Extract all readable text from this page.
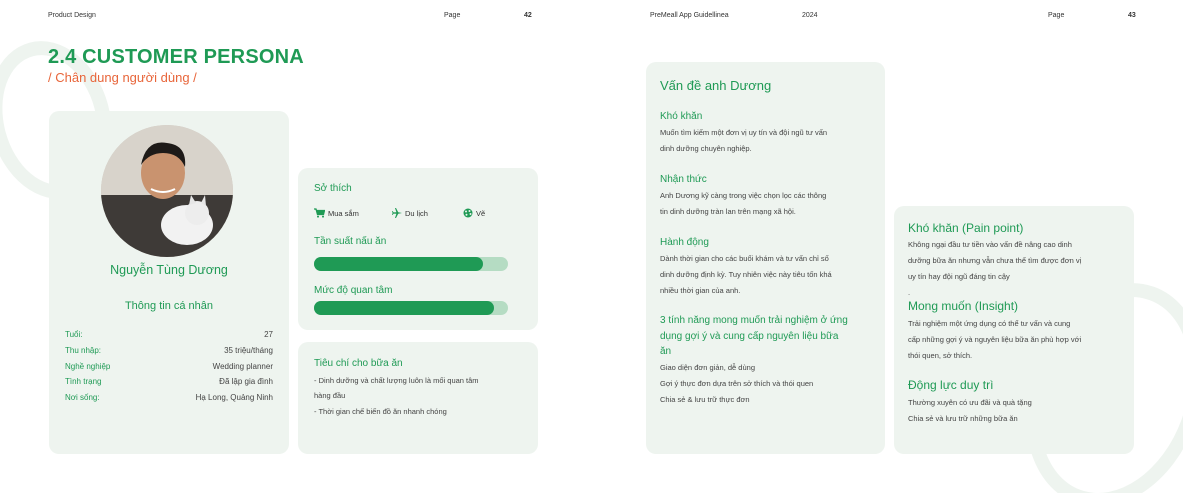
Product Design	Page	42	PreMeall App Guidellinea	2024	Page	43
2.4 CUSTOMER PERSONA
/ Chân dung người dùng /
Nguyễn Tùng Dương
Thông tin cá nhân
Tuổi:	27
Thu nhập:	35 triệu/tháng
Nghề nghiệp	Wedding planner
Tình trạng	Đã lập gia đình
Nơi sống:	Hạ Long, Quảng Ninh
Sở thích
Mua sắm	Du lịch	Vẽ
Tần suất nấu ăn
Mức độ quan tâm
Tiêu chí cho bữa ăn
- Dinh dưỡng và chất lượng luôn là mối quan tâm
hàng đầu
- Thời gian chế biến đồ ăn nhanh chóng
Vấn đề anh Dương
Khó khăn
Muốn tìm kiếm một đơn vị uy tín và đội ngũ tư vấn
dinh dưỡng chuyên nghiệp.
Nhận thức
Anh Dương kỹ càng trong việc chọn lọc các thông
tin dinh dưỡng tràn lan trên mạng xã hội.
Hành động
Dành thời gian cho các buổi khám và tư vấn chỉ số
dinh dưỡng định kỳ. Tuy nhiên việc này tiêu tốn khá
nhiều thời gian của anh.
3 tính năng mong muốn trải nghiệm ở ứng
dụng gợi ý và cung cấp nguyên liệu bữa
ăn
Giao diện đơn giản, dễ dùng
Gợi ý thực đơn dựa trên sở thích và thói quen
Chia sẻ & lưu trữ thực đơn
Khó khăn (Pain point)
Không ngại đầu tư tiền vào vấn đề nâng cao dinh
dưỡng bữa ăn nhưng vẫn chưa thể tìm được đơn vị
uy tín hay đội ngũ đáng tin cậy
.
Mong muốn (Insight)
Trải nghiệm một ứng dụng có thể tư vấn và cung
cấp những gợi ý và nguyên liệu bữa ăn phù hợp với
thói quen, sở thích.
Động lực duy trì
Thường xuyên có ưu đãi và quà tặng
Chia sẻ và lưu trữ những bữa ăn
